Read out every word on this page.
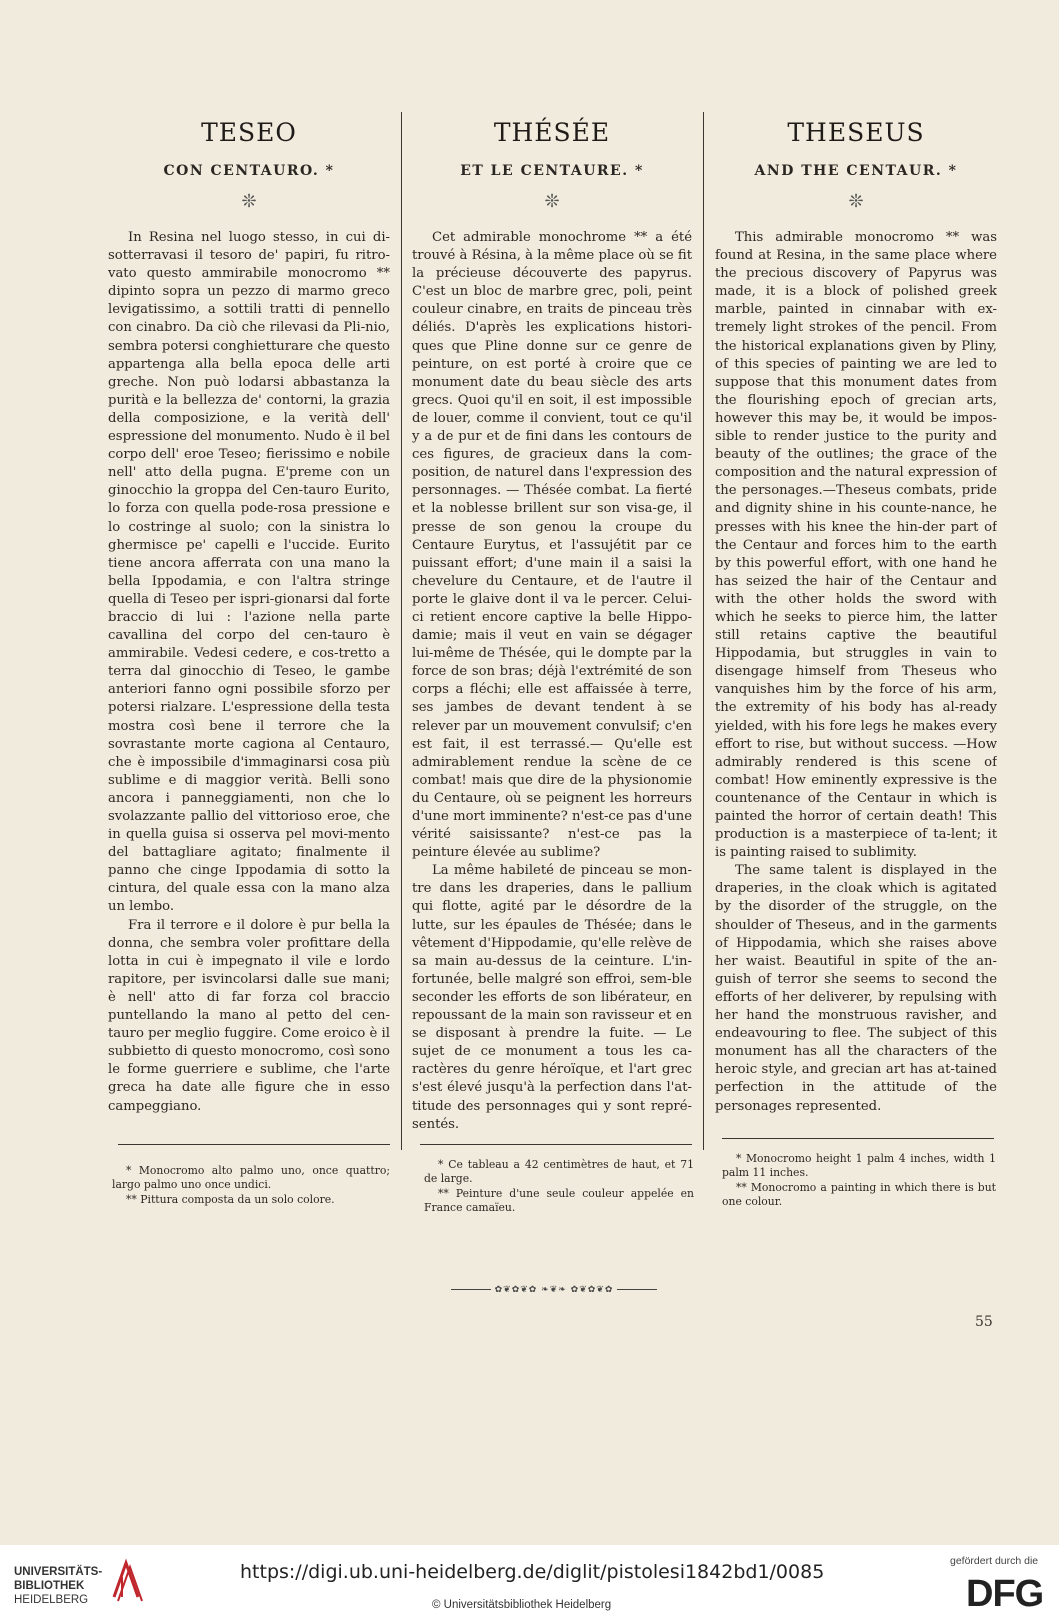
TESEO
CON CENTAURO. *
❊

In Resina nel luogo stesso, in cui di-sotterravasi il tesoro de' papiri, fu ritro-vato questo ammirabile monocromo ** dipinto sopra un pezzo di marmo greco levigatissimo, a sottili tratti di pennello con cinabro. Da ciò che rilevasi da Pli-nio, sembra potersi conghietturare che questo appartenga alla bella epoca delle arti greche. Non può lodarsi abbastanza la purità e la bellezza de' contorni, la grazia della composizione, e la verità dell' espressione del monumento. Nudo è il bel corpo dell' eroe Teseo; fierissimo e nobile nell' atto della pugna. E'preme con un ginocchio la groppa del Cen-tauro Eurito, lo forza con quella pode-rosa pressione e lo costringe al suolo; con la sinistra lo ghermisce pe' capelli e l'uccide. Eurito tiene ancora afferrata con una mano la bella Ippodamia, e con l'altra stringe quella di Teseo per ispri-gionarsi dal forte braccio di lui : l'azione nella parte cavallina del corpo del cen-tauro è ammirabile. Vedesi cedere, e cos-tretto a terra dal ginocchio di Teseo, le gambe anteriori fanno ogni possibile sforzo per potersi rialzare. L'espressione della testa mostra così bene il terrore che la sovrastante morte cagiona al Centauro, che è impossibile d'immaginarsi cosa più sublime e di maggior verità. Belli sono ancora i panneggiamenti, non che lo svolazzante pallio del vittorioso eroe, che in quella guisa si osserva pel movi-mento del battagliare agitato; finalmente il panno che cinge Ippodamia di sotto la cintura, del quale essa con la mano alza un lembo.

Fra il terrore e il dolore è pur bella la donna, che sembra voler profittare della lotta in cui è impegnato il vile e lordo rapitore, per isvincolarsi dalle sue mani; è nell' atto di far forza col braccio puntellando la mano al petto del cen-tauro per meglio fuggire. Come eroico è il subbietto di questo monocromo, così sono le forme guerriere e sublime, che l'arte greca ha date alle figure che in esso campeggiano.

THÉSÉE
ET LE CENTAURE. *
❊

Cet admirable monochrome ** a été trouvé à Résina, à la même place où se fit la précieuse découverte des papyrus. C'est un bloc de marbre grec, poli, peint couleur cinabre, en traits de pinceau très déliés. D'après les explications histori-ques que Pline donne sur ce genre de peinture, on est porté à croire que ce monument date du beau siècle des arts grecs. Quoi qu'il en soit, il est impossible de louer, comme il convient, tout ce qu'il y a de pur et de fini dans les contours de ces figures, de gracieux dans la com-position, de naturel dans l'expression des personnages. — Thésée combat. La fierté et la noblesse brillent sur son visa-ge, il presse de son genou la croupe du Centaure Eurytus, et l'assujétit par ce puissant effort; d'une main il a saisi la chevelure du Centaure, et de l'autre il porte le glaive dont il va le percer. Celui-ci retient encore captive la belle Hippo-damie; mais il veut en vain se dégager lui-même de Thésée, qui le dompte par la force de son bras; déjà l'extrémité de son corps a fléchi; elle est affaissée à terre, ses jambes de devant tendent à se relever par un mouvement convulsif; c'en est fait, il est terrassé.— Qu'elle est admirablement rendue la scène de ce combat! mais que dire de la physionomie du Centaure, où se peignent les horreurs d'une mort imminente? n'est-ce pas d'une vérité saisissante? n'est-ce pas la peinture élevée au sublime?

La même habileté de pinceau se mon-tre dans les draperies, dans le pallium qui flotte, agité par le désordre de la lutte, sur les épaules de Thésée; dans le vêtement d'Hippodamie, qu'elle relève de sa main au-dessus de la ceinture. L'in-fortunée, belle malgré son effroi, sem-ble seconder les efforts de son libérateur, en repoussant de la main son ravisseur et en se disposant à prendre la fuite. — Le sujet de ce monument a tous les ca-ractères du genre héroïque, et l'art grec s'est élevé jusqu'à la perfection dans l'at-titude des personnages qui y sont repré-sentés.

THESEUS
AND THE CENTAUR. *
❊

This admirable monocromo ** was found at Resina, in the same place where the precious discovery of Papyrus was made, it is a block of polished greek marble, painted in cinnabar with ex-tremely light strokes of the pencil. From the historical explanations given by Pliny, of this species of painting we are led to suppose that this monument dates from the flourishing epoch of grecian arts, however this may be, it would be impos-sible to render justice to the purity and beauty of the outlines; the grace of the composition and the natural expression of the personages.—Theseus combats, pride and dignity shine in his counte-nance, he presses with his knee the hin-der part of the Centaur and forces him to the earth by this powerful effort, with one hand he has seized the hair of the Centaur and with the other holds the sword with which he seeks to pierce him, the latter still retains captive the beautiful Hippodamia, but struggles in vain to disengage himself from Theseus who vanquishes him by the force of his arm, the extremity of his body has al-ready yielded, with his fore legs he makes every effort to rise, but without success. —How admirably rendered is this scene of combat! How eminently expressive is the countenance of the Centaur in which is painted the horror of certain death! This production is a masterpiece of ta-lent; it is painting raised to sublimity.

The same talent is displayed in the draperies, in the cloak which is agitated by the disorder of the struggle, on the shoulder of Theseus, and in the garments of Hippodamia, which she raises above her waist. Beautiful in spite of the an-guish of terror she seems to second the efforts of her deliverer, by repulsing with her hand the monstruous ravisher, and endeavouring to flee. The subject of this monument has all the characters of the heroic style, and grecian art has at-tained perfection in the attitude of the personages represented.

* Monocromo alto palmo uno, once quattro; largo palmo uno once undici.

** Pittura composta da un solo colore.

* Ce tableau a 42 centimètres de haut, et 71 de large.

** Peinture d'une seule couleur appelée en France camaïeu.

* Monocromo height 1 palm 4 inches, width 1 palm 11 inches.

** Monocromo a painting in which there is but one colour.

✿❦✿❦✿ ❧❦❧ ✿❦✿❦✿
55
UNIVERSITÄTS-
BIBLIOTHEK
HEIDELBERG
https://digi.ub.uni-heidelberg.de/diglit/pistolesi1842bd1/0085
© Universitätsbibliothek Heidelberg
gefördert durch die
DFG
